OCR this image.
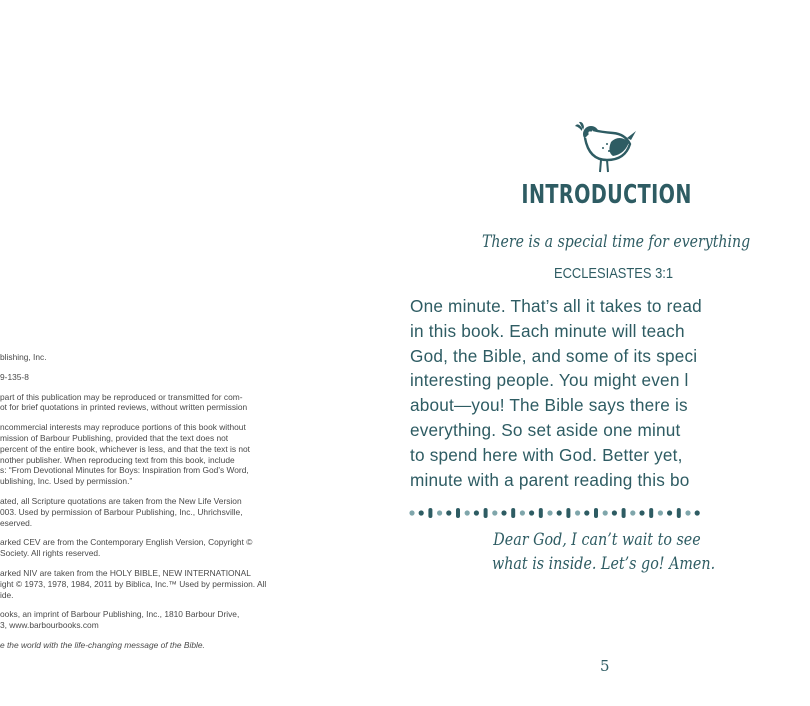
blishing, Inc.

9-135-8

part of this publication may be reproduced or transmitted for com-

ot for brief quotations in printed reviews, without written permission

ncommercial interests may reproduce portions of this book without

mission of Barbour Publishing, provided that the text does not

percent of the entire book, whichever is less, and that the text is not

nother publisher. When reproducing text from this book, include

s: “From Devotional Minutes for Boys: Inspiration from God’s Word,

ublishing, Inc. Used by permission.”

ated, all Scripture quotations are taken from the New Life Version

003. Used by permission of Barbour Publishing, Inc., Uhrichsville,

eserved.

arked CEV are from the Contemporary English Version, Copyright ©

Society. All rights reserved.

arked NIV are taken from the HOLY BIBLE, NEW INTERNATIONAL

ight © 1973, 1978, 1984, 2011 by Biblica, Inc.™ Used by permission. All

ide.

ooks, an imprint of Barbour Publishing, Inc., 1810 Barbour Drive,

3, www.barbourbooks.com

e the world with the life-changing message of the Bible.

INTRODUCTION
There is a special time for everything
ECCLESIASTES 3:1

One minute. That’s all it takes to read

in this book. Each minute will teach

God, the Bible, and some of its speci

interesting people. You might even l

about—you! The Bible says there is

everything. So set aside one minut

to spend here with God. Better yet,

minute with a parent reading this bo

Dear God, I can’t wait to see

what is inside. Let’s go! Amen.

5
